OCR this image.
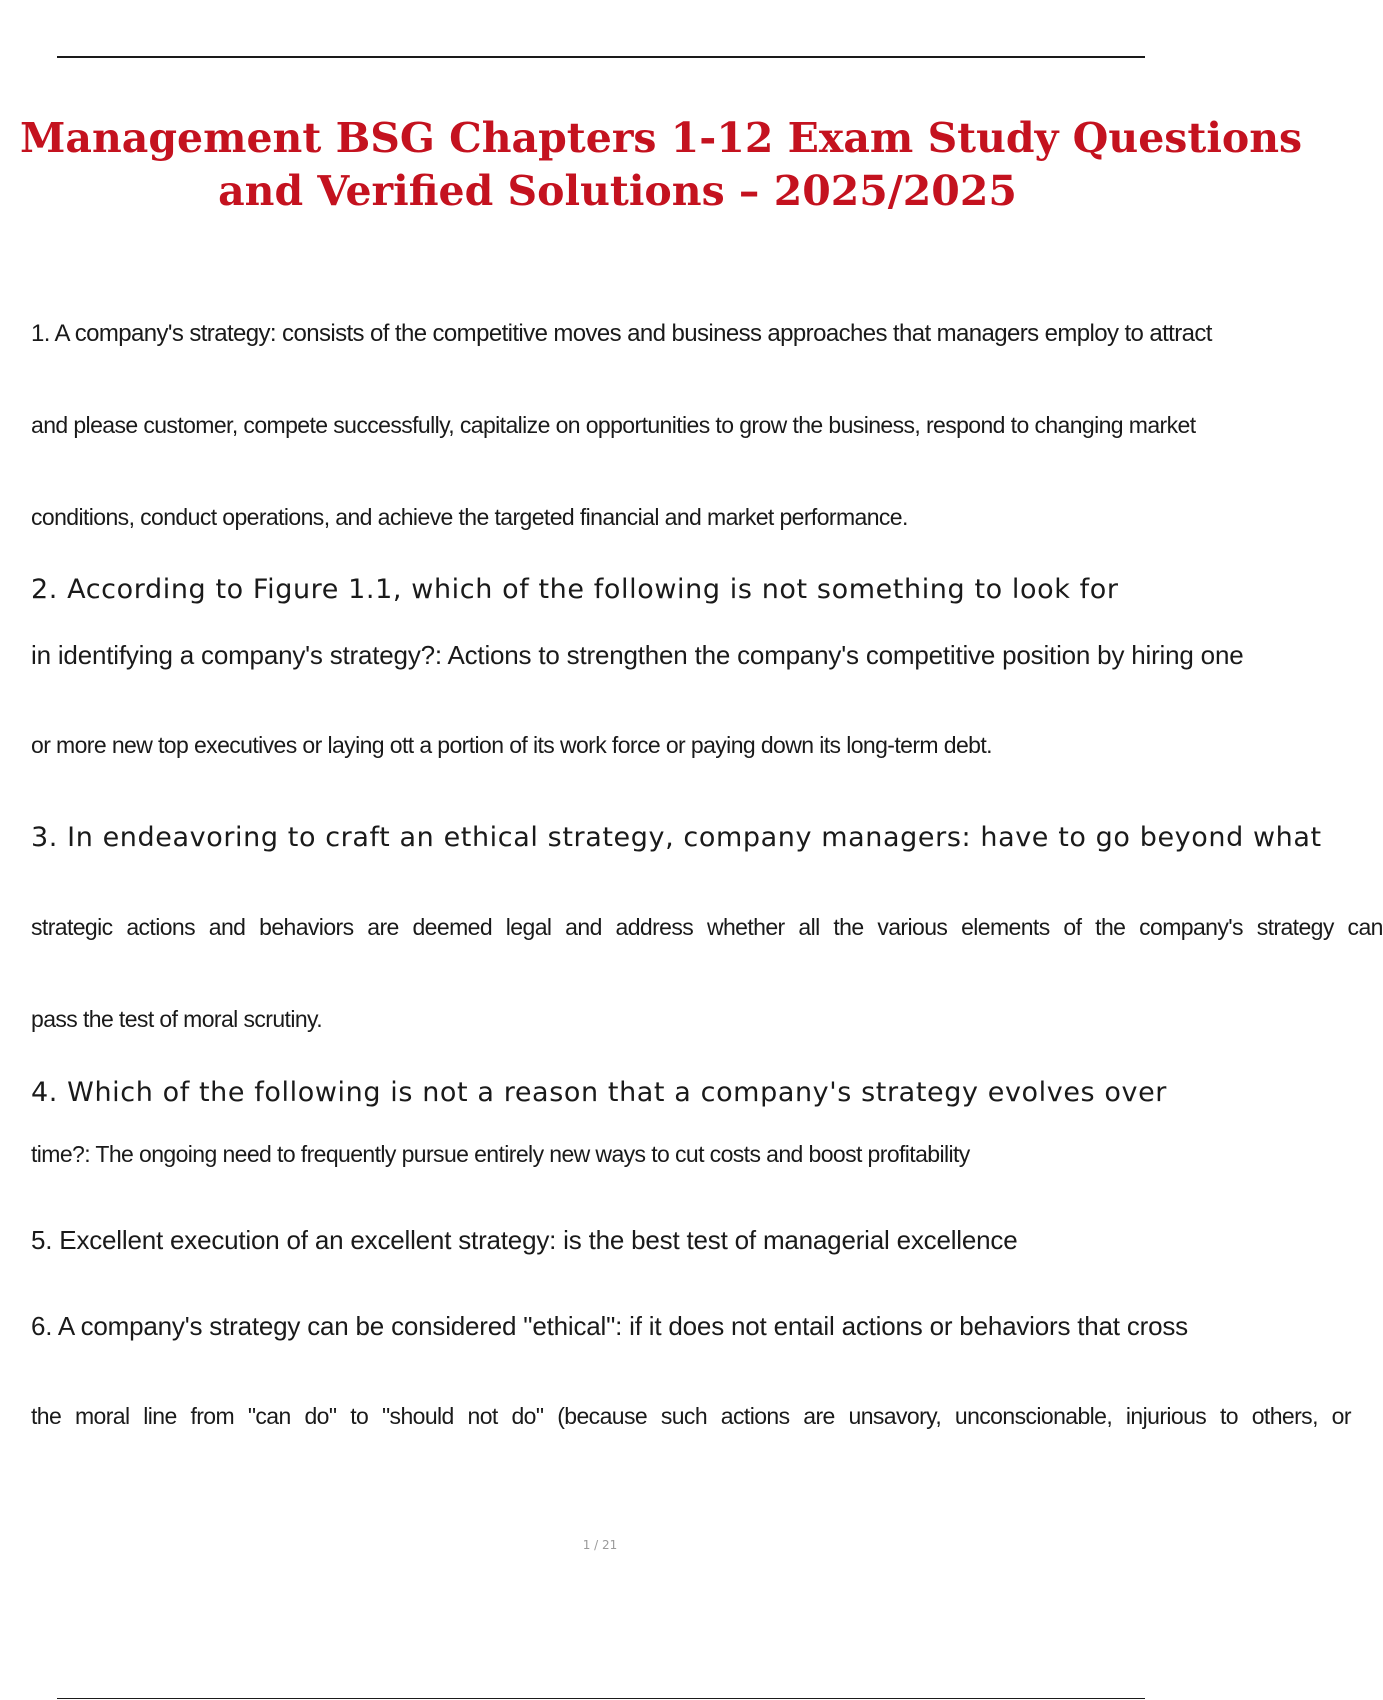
Management BSG Chapters 1-12 Exam Study Questions
and Verified Solutions – 2025/2025
1. A company's strategy: consists of the competitive moves and business approaches that managers employ to attract
and please customer, compete successfully, capitalize on opportunities to grow the business, respond to changing market
conditions, conduct operations, and achieve the targeted financial and market performance.
2. According to Figure 1.1, which of the following is not something to look for
in identifying a company's strategy?: Actions to strengthen the company's competitive position by hiring one
or more new top executives or laying ott a portion of its work force or paying down its long-term debt.
3. In endeavoring to craft an ethical strategy, company managers: have to go beyond what
strategic actions and behaviors are deemed legal and address whether all the various elements of the company's strategy can
pass the test of moral scrutiny.
4. Which of the following is not a reason that a company's strategy evolves over
time?: The ongoing need to frequently pursue entirely new ways to cut costs and boost profitability
5. Excellent execution of an excellent strategy: is the best test of managerial excellence
6. A company's strategy can be considered "ethical": if it does not entail actions or behaviors that cross
the moral line from "can do" to "should not do" (because such actions are unsavory, unconscionable, injurious to others, or
1 / 21
